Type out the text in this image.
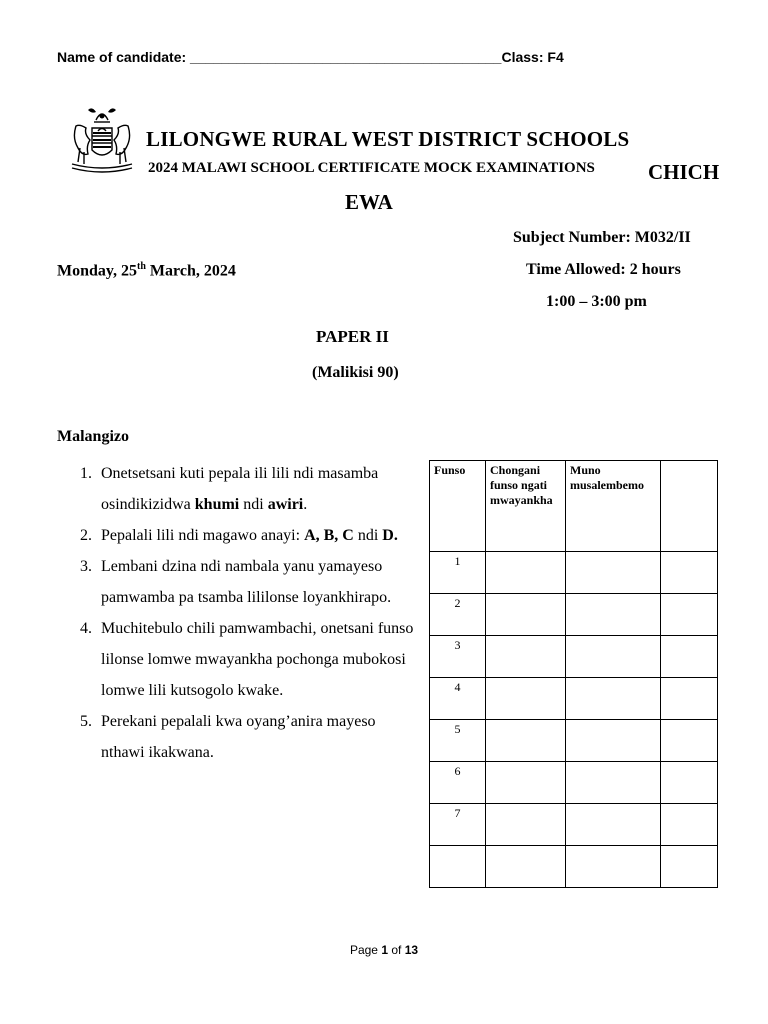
Name of candidate: ________________________________________Class: F4
LILONGWE RURAL WEST DISTRICT SCHOOLS
2024 MALAWI SCHOOL CERTIFICATE MOCK EXAMINATIONS	CHICH
EWA
Subject Number: M032/II
Monday, 25th March, 2024	Time Allowed: 2 hours
1:00 – 3:00 pm
PAPER II
(Malikisi 90)
Malangizo
1. Onetsetsani kuti pepala ili lili ndi masamba osindikizidwa khumi ndi awiri.
2. Pepalali lili ndi magawo anayi: A, B, C ndi D.
3. Lembani dzina ndi nambala yanu yamayeso pamwamba pa tsamba lililonse loyankhirapo.
4. Muchitebulo chili pamwambachi, onetsani funso lilonse lomwe mwayankha pochonga mubokosi lomwe lili kutsogolo kwake.
5. Perekani pepalali kwa oyang’anira mayeso nthawi ikakwana.
Funso	Chongani funso ngati mwayankha	Muno musalembemo	
1			
2			
3			
4			
5			
6			
7			

Page 1 of 13
